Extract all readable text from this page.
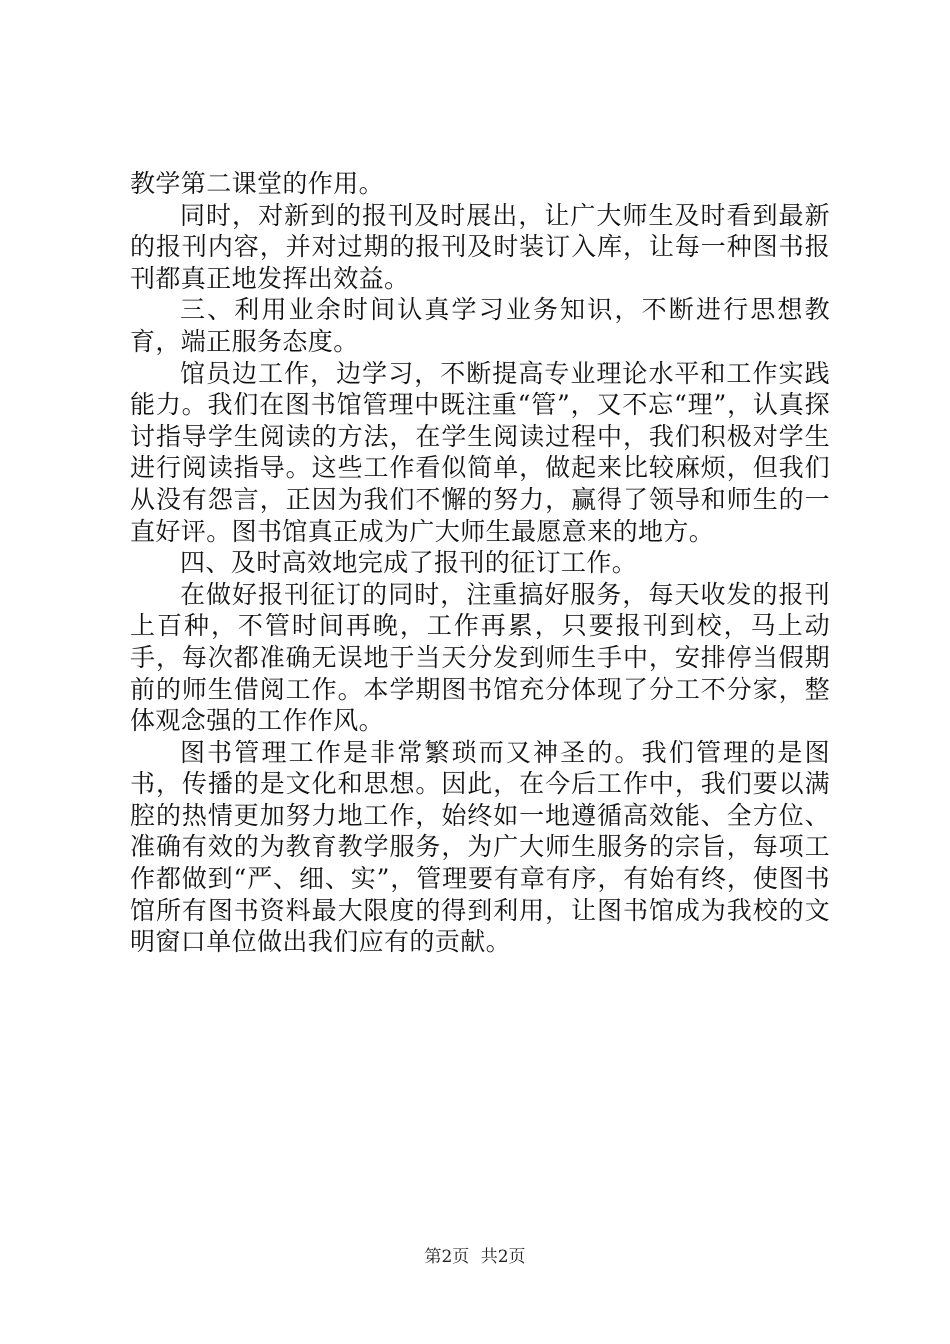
教学第二课堂的作用。

同时，对新到的报刊及时展出，让广大师生及时看到最新的报刊内容，并对过期的报刊及时装订入库，让每一种图书报刊都真正地发挥出效益。

三、利用业余时间认真学习业务知识，不断进行思想教育，端正服务态度。

馆员边工作，边学习，不断提高专业理论水平和工作实践能力。我们在图书馆管理中既注重“管”，又不忘“理”，认真探讨指导学生阅读的方法，在学生阅读过程中，我们积极对学生进行阅读指导。这些工作看似简单，做起来比较麻烦，但我们从没有怨言，正因为我们不懈的努力，赢得了领导和师生的一直好评。图书馆真正成为广大师生最愿意来的地方。

四、及时高效地完成了报刊的征订工作。

在做好报刊征订的同时，注重搞好服务，每天收发的报刊上百种，不管时间再晚，工作再累，只要报刊到校，马上动手，每次都准确无误地于当天分发到师生手中，安排停当假期前的师生借阅工作。本学期图书馆充分体现了分工不分家，整体观念强的工作作风。

图书管理工作是非常繁琐而又神圣的。我们管理的是图书，传播的是文化和思想。因此，在今后工作中，我们要以满腔的热情更加努力地工作，始终如一地遵循高效能、全方位、准确有效的为教育教学服务，为广大师生服务的宗旨，每项工作都做到“严、细、实”，管理要有章有序，有始有终，使图书馆所有图书资料最大限度的得到利用，让图书馆成为我校的文明窗口单位做出我们应有的贡献。

第2页 共2页
